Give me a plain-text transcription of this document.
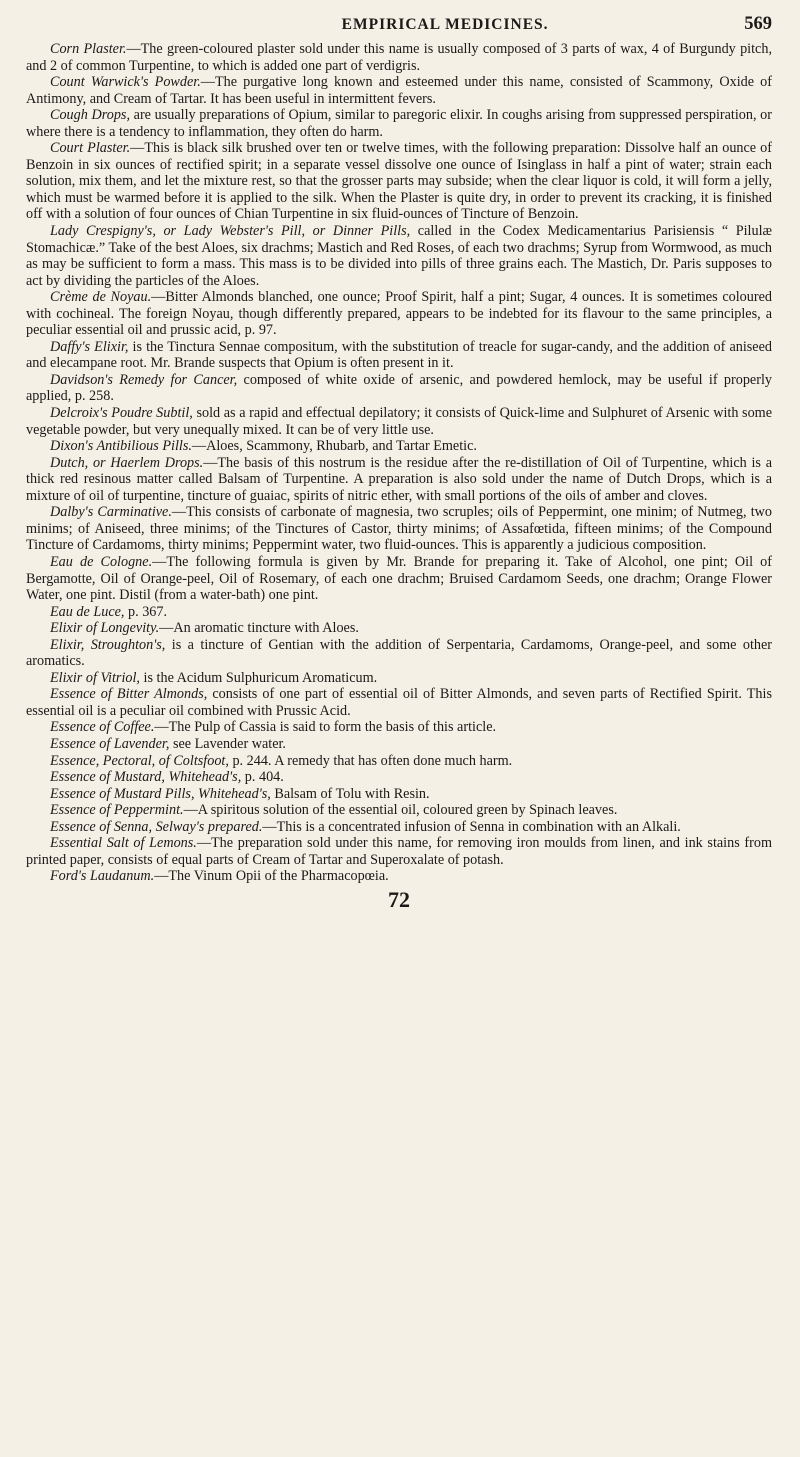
EMPIRICAL MEDICINES.	569

Corn Plaster.—The green-coloured plaster sold under this name is usually composed of 3 parts of wax, 4 of Burgundy pitch, and 2 of common Turpentine, to which is added one part of verdigris.

Count Warwick's Powder.—The purgative long known and esteemed under this name, consisted of Scammony, Oxide of Antimony, and Cream of Tartar. It has been useful in intermittent fevers.

Cough Drops, are usually preparations of Opium, similar to paregoric elixir. In coughs arising from suppressed perspiration, or where there is a tendency to inflammation, they often do harm.

Court Plaster.—This is black silk brushed over ten or twelve times, with the following preparation: Dissolve half an ounce of Benzoin in six ounces of rectified spirit; in a separate vessel dissolve one ounce of Isinglass in half a pint of water; strain each solution, mix them, and let the mixture rest, so that the grosser parts may subside; when the clear liquor is cold, it will form a jelly, which must be warmed before it is applied to the silk. When the Plaster is quite dry, in order to prevent its cracking, it is finished off with a solution of four ounces of Chian Turpentine in six fluid-ounces of Tincture of Benzoin.

Lady Crespigny's, or Lady Webster's Pill, or Dinner Pills, called in the Codex Medicamentarius Parisiensis “ Pilulæ Stomachicæ.” Take of the best Aloes, six drachms; Mastich and Red Roses, of each two drachms; Syrup from Wormwood, as much as may be sufficient to form a mass. This mass is to be divided into pills of three grains each. The Mastich, Dr. Paris supposes to act by dividing the particles of the Aloes.

Crème de Noyau.—Bitter Almonds blanched, one ounce; Proof Spirit, half a pint; Sugar, 4 ounces. It is sometimes coloured with cochineal. The foreign Noyau, though differently prepared, appears to be indebted for its flavour to the same principles, a peculiar essential oil and prussic acid, p. 97.

Daffy's Elixir, is the Tinctura Sennae compositum, with the substitution of treacle for sugar-candy, and the addition of aniseed and elecampane root. Mr. Brande suspects that Opium is often present in it.

Davidson's Remedy for Cancer, composed of white oxide of arsenic, and powdered hemlock, may be useful if properly applied, p. 258.

Delcroix's Poudre Subtil, sold as a rapid and effectual depilatory; it consists of Quick-lime and Sulphuret of Arsenic with some vegetable powder, but very unequally mixed. It can be of very little use.

Dixon's Antibilious Pills.—Aloes, Scammony, Rhubarb, and Tartar Emetic.

Dutch, or Haerlem Drops.—The basis of this nostrum is the residue after the re-distillation of Oil of Turpentine, which is a thick red resinous matter called Balsam of Turpentine. A preparation is also sold under the name of Dutch Drops, which is a mixture of oil of turpentine, tincture of guaiac, spirits of nitric ether, with small portions of the oils of amber and cloves.

Dalby's Carminative.—This consists of carbonate of magnesia, two scruples; oils of Peppermint, one minim; of Nutmeg, two minims; of Aniseed, three minims; of the Tinctures of Castor, thirty minims; of Assafœtida, fifteen minims; of the Compound Tincture of Cardamoms, thirty minims; Peppermint water, two fluid-ounces. This is apparently a judicious composition.

Eau de Cologne.—The following formula is given by Mr. Brande for preparing it. Take of Alcohol, one pint; Oil of Bergamotte, Oil of Orange-peel, Oil of Rosemary, of each one drachm; Bruised Cardamom Seeds, one drachm; Orange Flower Water, one pint. Distil (from a water-bath) one pint.

Eau de Luce, p. 367.

Elixir of Longevity.—An aromatic tincture with Aloes.

Elixir, Stroughton's, is a tincture of Gentian with the addition of Serpentaria, Cardamoms, Orange-peel, and some other aromatics.

Elixir of Vitriol, is the Acidum Sulphuricum Aromaticum.

Essence of Bitter Almonds, consists of one part of essential oil of Bitter Almonds, and seven parts of Rectified Spirit. This essential oil is a peculiar oil combined with Prussic Acid.

Essence of Coffee.—The Pulp of Cassia is said to form the basis of this article.

Essence of Lavender, see Lavender water.

Essence, Pectoral, of Coltsfoot, p. 244. A remedy that has often done much harm.

Essence of Mustard, Whitehead's, p. 404.

Essence of Mustard Pills, Whitehead's, Balsam of Tolu with Resin.

Essence of Peppermint.—A spiritous solution of the essential oil, coloured green by Spinach leaves.

Essence of Senna, Selway's prepared.—This is a concentrated infusion of Senna in combination with an Alkali.

Essential Salt of Lemons.—The preparation sold under this name, for removing iron moulds from linen, and ink stains from printed paper, consists of equal parts of Cream of Tartar and Superoxalate of potash.

Ford's Laudanum.—The Vinum Opii of the Pharmacopœia.

72
